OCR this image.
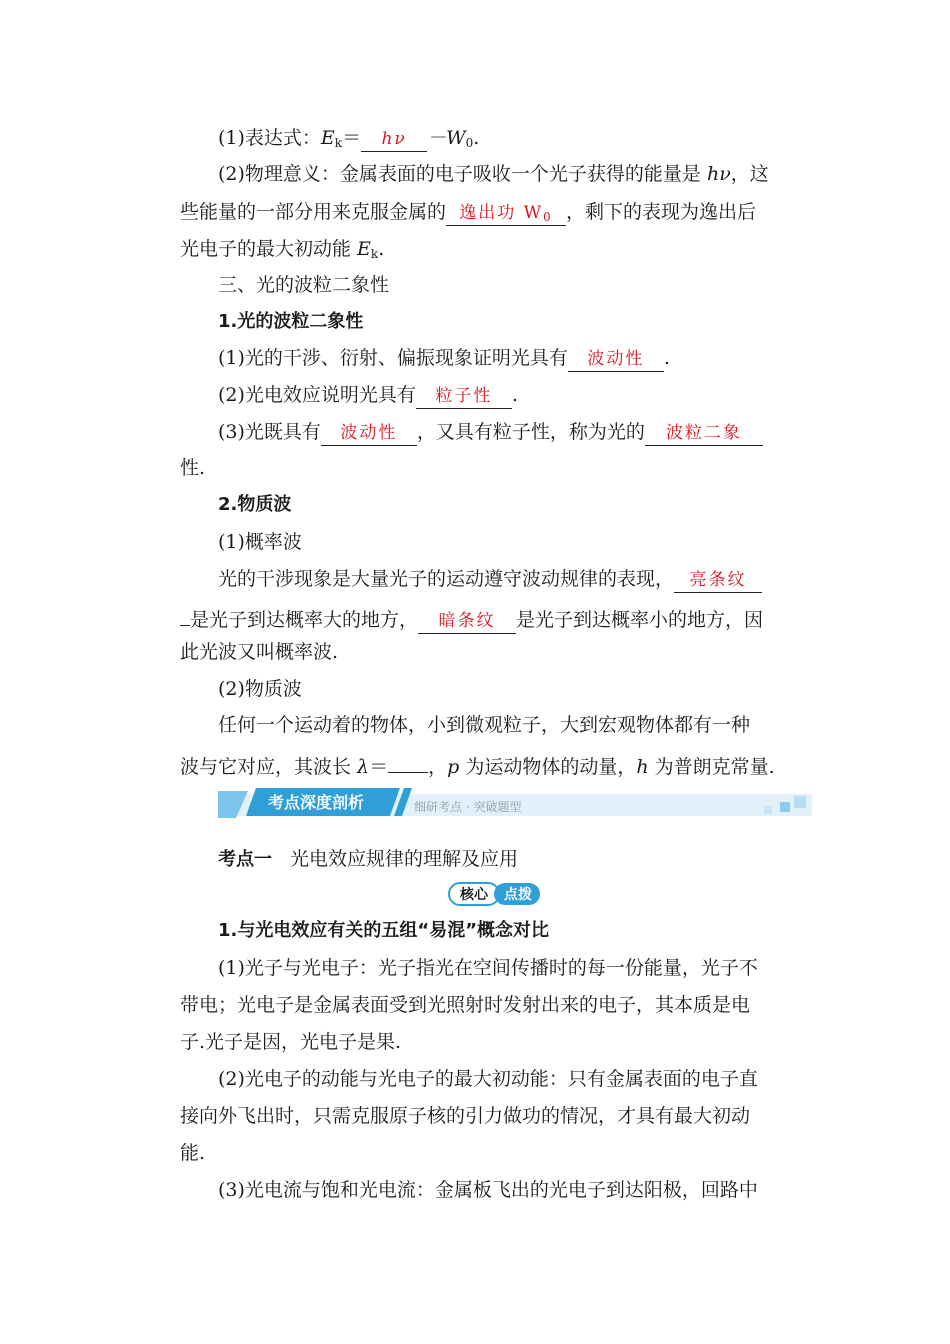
(1)表达式：$E_k= h\nu -W_0$.
(2)物理意义：金属表面的电子吸收一个光子获得的能量是 hν，这
些能量的一部分用来克服金属的 逸出功 $W_0$ ，剩下的表现为逸出后
光电子的最大初动能 $E_k$.
三、光的波粒二象性
1.光的波粒二象性
(1)光的干涉、衍射、偏振现象证明光具有 波动性 .
(2)光电效应说明光具有 粒子性 .
(3)光既具有 波动性 ，又具有粒子性，称为光的 波粒二象
性.
2.物质波
(1)概率波
光的干涉现象是大量光子的运动遵守波动规律的表现， 亮条纹
是光子到达概率大的地方， 暗条纹 是光子到达概率小的地方，因
此光波又叫概率波.
(2)物质波
任何一个运动着的物体，小到微观粒子，大到宏观物体都有一种
波与它对应，其波长 λ＝ ，p 为运动物体的动量，h 为普朗克常量.
考点深度剖析	细研考点 · 突破题型
考点一 光电效应规律的理解及应用
核心 点拨
1.与光电效应有关的五组“易混”概念对比
(1)光子与光电子：光子指光在空间传播时的每一份能量，光子不
带电；光电子是金属表面受到光照射时发射出来的电子，其本质是电
子.光子是因，光电子是果.
(2)光电子的动能与光电子的最大初动能：只有金属表面的电子直
接向外飞出时，只需克服原子核的引力做功的情况，才具有最大初动
能.
(3)光电流与饱和光电流：金属板飞出的光电子到达阳极，回路中
